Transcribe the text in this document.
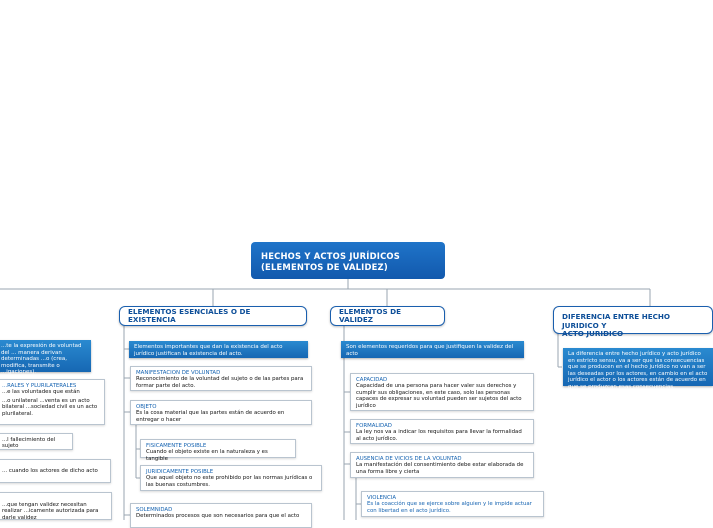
HECHOS Y ACTOS JURÍDICOS
(ELEMENTOS DE VALIDEZ)
ELEMENTOS ESENCIALES O DE EXISTENCIA
ELEMENTOS DE VALIDEZ	DIFERENCIA ENTRE HECHO JURIDICO Y
ACTO JURIDICO
Elementos importantes que dan la existencia del acto jurídico justifican la existencia del acto.
MANIFESTACION DE VOLUNTAD
Reconocimiento de la voluntad del sujeto o de las partes para formar parte del acto.
OBJETO
Es la cosa material que las partes están de acuerdo en entregar o hacer
FISICAMENTE POSIBLE
Cuando el objeto existe en la naturaleza y es tangible
JURIDICAMENTE POSIBLE
Que aquel objeto no este prohibido por las normas jurídicas o las buenas costumbres.
SOLEMNIDAD
Determinados procesos que son necesarios para que el acto
Son elementos requeridos para que justifiquen la validez del acto
CAPACIDAD
Capacidad de una persona para hacer valer sus derechos y cumplir sus obligaciones, en este caso, solo las personas capaces de expresar su voluntad pueden ser sujetos del acto jurídico
FORMALIDAD
La ley nos va a indicar los requisitos para llevar la formalidad al acto jurídico.
AUSENCIA DE VICIOS DE LA VOLUNTAD
La manifestación del consentimiento debe estar elaborada de una forma libre y cierta
VIOLENCIA
Es la coacción que se ejerce sobre alguien y le impide actuar con libertad en el acto jurídico.
La diferencia entre hecho jurídico y acto jurídico en estricto sensu, va a ser que las consecuencias que se producen en el hecho jurídico no van a ser las deseadas por los actores, en cambio en el acto jurídico el actor o los actores están de acuerdo en que se produzcan esas consecuencias.
...te la expresión de voluntad del ... manera derivan determinadas ...o (crea, modifica, transmite o ...igaciones).
...RALES Y PLURILATERALES
...e las voluntades que están
...o unilateral ...venta es un acto bilateral ...sociedad civil es un acto plurilateral.
...l fallecimiento del sujeto
... cuando los actores de dicho acto
...que tengan validez necesitan realizar ...icamente autorizada para darle validez
